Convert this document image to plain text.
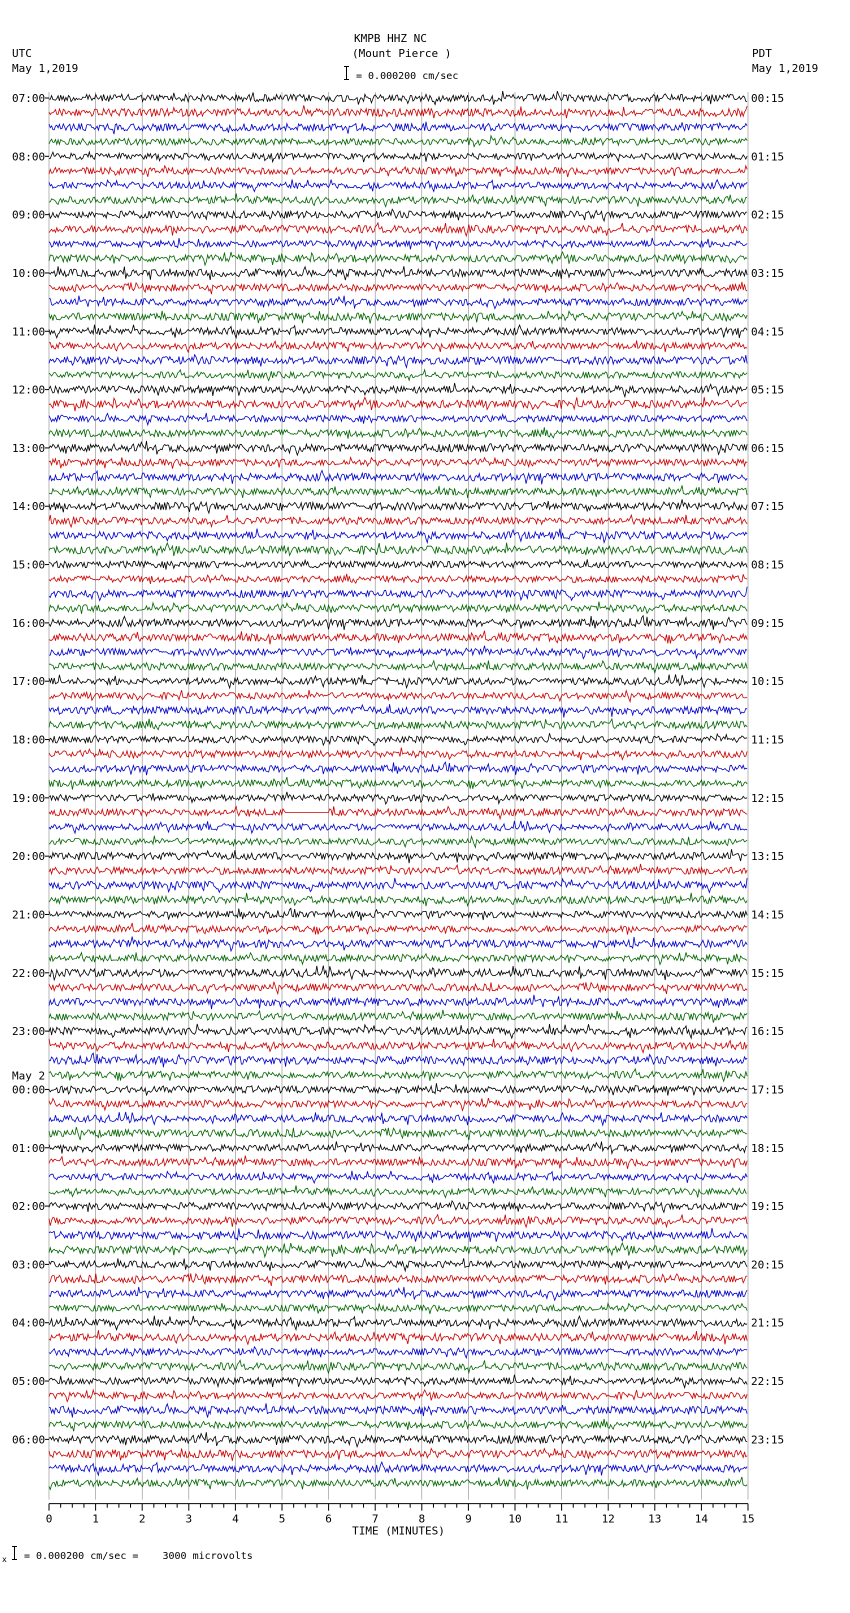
KMPB HHZ NC
(Mount Pierce )
= 0.000200 cm/sec
UTC
May 1,2019
PDT
May 1,2019
0	1	2	3	4	5	6	7	8	9	10	11	12	13	14	15
TIME (MINUTES)
07:00
08:00
09:00
10:00
11:00
12:00
13:00
14:00
15:00
16:00
17:00
18:00
19:00
20:00
21:00
22:00
23:00
00:00
01:00
02:00
03:00
04:00
05:00
06:00
00:15
01:15
02:15
03:15
04:15
05:15
06:15
07:15
08:15
09:15
10:15
11:15
12:15
13:15
14:15
15:15
16:15
17:15
18:15
19:15
20:15
21:15
22:15
23:15
May 2
x = 0.000200 cm/sec =    3000 microvolts
